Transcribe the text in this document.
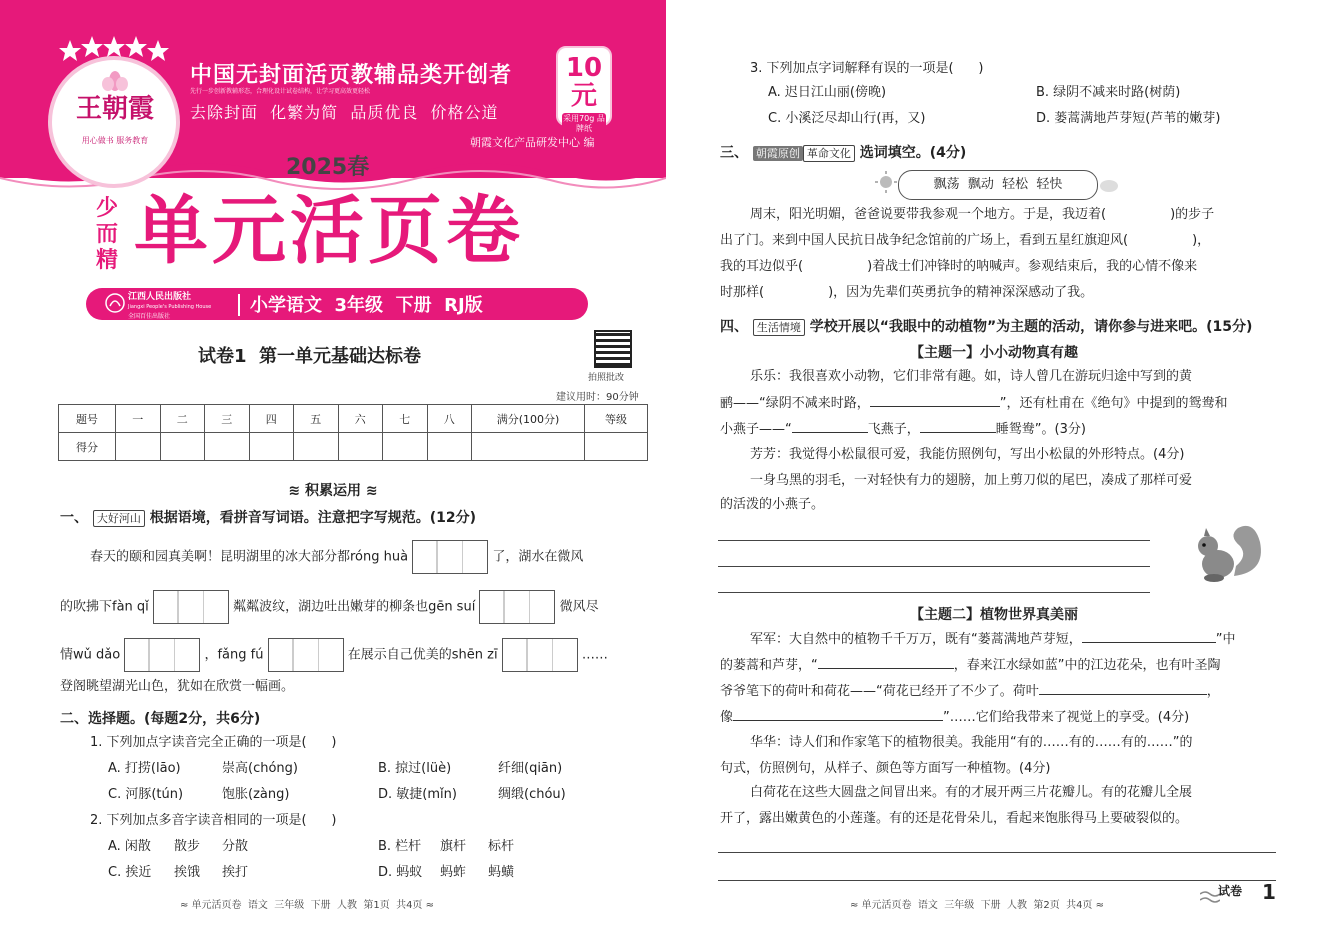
王朝霞
用心做书 服务教育
中国无封面活页教辅品类开创者
先行一步创新教辅形态，合理化设计试卷结构，让学习更高效更轻松
去除封面  化繁为简  品质优良  价格公道
朝霞文化产品研发中心 编
10元
采用70g 品牌纸
2025春
少
而
精 单元活页卷
江西人民出版社
Jiangxi People's Publishing House
全国百佳出版社
小学语文  3年级  下册  RJ版
试卷1  第一单元基础达标卷
拍照批改
建议用时：90分钟
题号	一	二	三	四	五	六	七	八	满分(100分)	等级
得分										
≋ 积累运用 ≋
一、 大好河山 根据语境，看拼音写词语。注意把字写规范。(12分)
春天的颐和园真美啊！昆明湖里的冰大部分都róng huà	了，湖水在微风
的吹拂下fàn qǐ	粼粼波纹，湖边吐出嫩芽的柳条也gēn suí	微风尽
情wǔ dǎo	，fǎng fú	在展示自己优美的shēn zī	……
登阁眺望湖光山色，犹如在欣赏一幅画。
二、选择题。(每题2分，共6分)
1. 下列加点字读音完全正确的一项是(      )
A. 打捞(lāo)	崇高(chóng)	B. 掠过(lüè)	纤细(qiān)
C. 河豚(tún)	饱胀(zàng)	D. 敏捷(mǐn)	绸缎(chóu)
2. 下列加点多音字读音相同的一项是(      )
A. 闲散 散步 分散	B. 栏杆 旗杆 标杆
C. 挨近 挨饿 挨打	D. 蚂蚁 蚂蚱 蚂蟥
≈ 单元活页卷  语文  三年级  下册  人教  第1页  共4页 ≈
3. 下列加点字词解释有误的一项是(      )
A. 迟日江山丽(傍晚)	B. 绿阴不减来时路(树荫)
C. 小溪泛尽却山行(再，又)	D. 蒌蒿满地芦芽短(芦苇的嫩芽)
三、 朝霞原创 革命文化 选词填空。(4分)
飘荡  飘动  轻松  轻快
周末，阳光明媚，爸爸说要带我参观一个地方。于是，我迈着(	)的步子
出了门。来到中国人民抗日战争纪念馆前的广场上，看到五星红旗迎风(	)，
我的耳边似乎(	)着战士们冲锋时的呐喊声。参观结束后，我的心情不像来
时那样(	)，因为先辈们英勇抗争的精神深深感动了我。
四、 生活情境 学校开展以“我眼中的动植物”为主题的活动，请你参与进来吧。(15分)
【主题一】小小动物真有趣
乐乐：我很喜欢小动物，它们非常有趣。如，诗人曾几在游玩归途中写到的黄
鹂——“绿阴不减来时路，	”，还有杜甫在《绝句》中提到的鸳鸯和
小燕子——“	飞燕子，	睡鸳鸯”。(3分)
芳芳：我觉得小松鼠很可爱，我能仿照例句，写出小松鼠的外形特点。(4分)
一身乌黑的羽毛，一对轻快有力的翅膀，加上剪刀似的尾巴，凑成了那样可爱
的活泼的小燕子。
【主题二】植物世界真美丽
军军：大自然中的植物千千万万，既有“蒌蒿满地芦芽短，	”中
的蒌蒿和芦芽，“	，春来江水绿如蓝”中的江边花朵，也有叶圣陶
爷爷笔下的荷叶和荷花——“荷花已经开了不少了。荷叶	，
像	”……它们给我带来了视觉上的享受。(4分)
华华：诗人们和作家笔下的植物很美。我能用“有的……有的……有的……”的
句式，仿照例句，从样子、颜色等方面写一种植物。(4分)
白荷花在这些大圆盘之间冒出来。有的才展开两三片花瓣儿。有的花瓣儿全展
开了，露出嫩黄色的小莲蓬。有的还是花骨朵儿，看起来饱胀得马上要破裂似的。
≈ 单元活页卷  语文  三年级  下册  人教  第2页  共4页 ≈
试卷 1
